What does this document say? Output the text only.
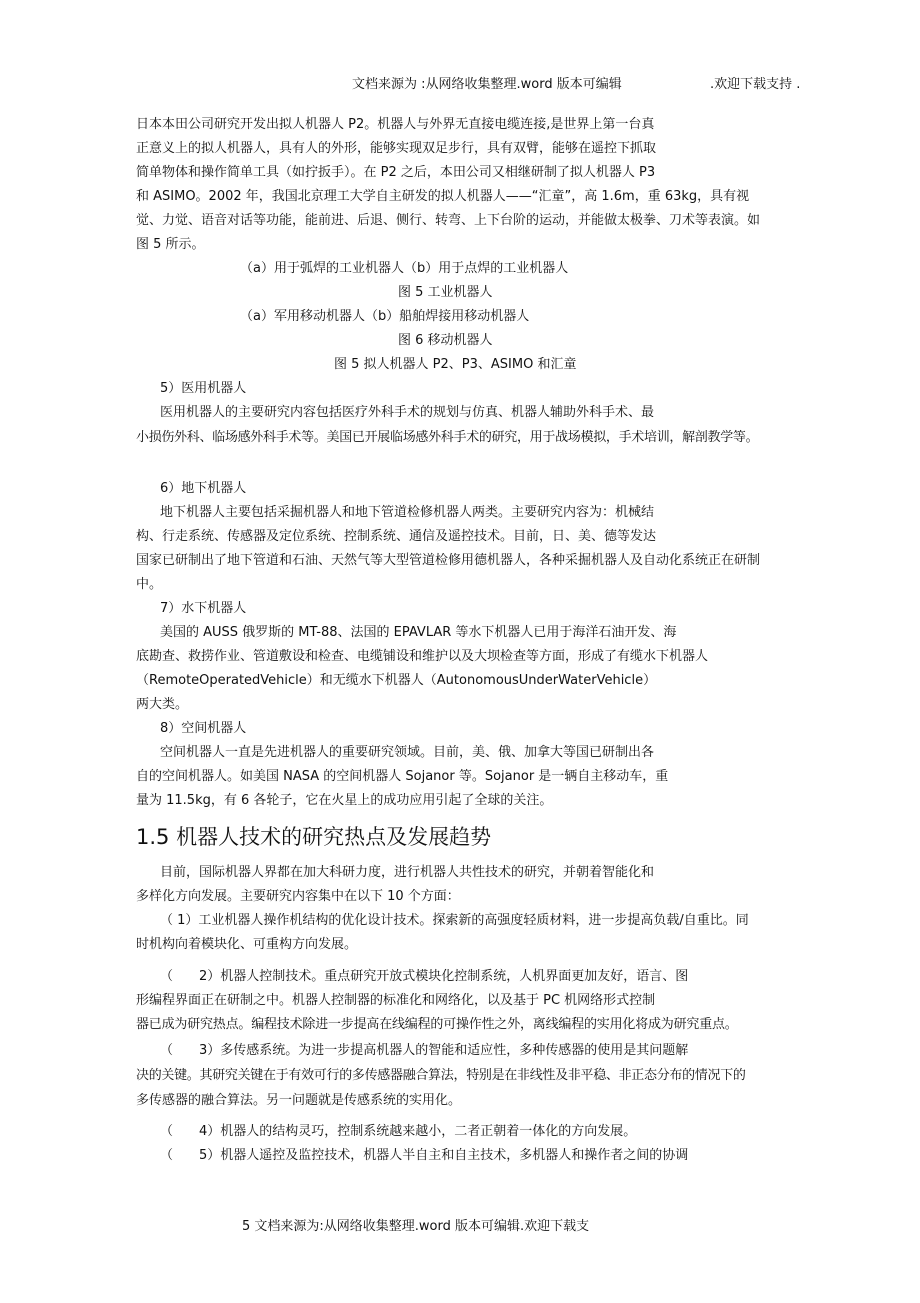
文档来源为 :从网络收集整理.word 版本可编辑	.欢迎下载支持 .
日本本田公司研究开发出拟人机器人 P2。机器人与外界无直接电缆连接,是世界上第一台真
正意义上的拟人机器人，具有人的外形，能够实现双足步行，具有双臂，能够在遥控下抓取
简单物体和操作简单工具（如拧扳手）。在 P2 之后，本田公司又相继研制了拟人机器人 P3
和 ASIMO。2002 年，我国北京理工大学自主研发的拟人机器人——“汇童”，高 1.6m，重 63kg，具有视
觉、力觉、语音对话等功能，能前进、后退、侧行、转弯、上下台阶的运动，并能做太极拳、刀术等表演。如
图 5 所示。
（a）用于弧焊的工业机器人（b）用于点焊的工业机器人
图 5 工业机器人
（a）军用移动机器人（b）船舶焊接用移动机器人
图 6 移动机器人
图 5 拟人机器人 P2、P3、ASIMO 和汇童
5）医用机器人
医用机器人的主要研究内容包括医疗外科手术的规划与仿真、机器人辅助外科手术、最
小损伤外科、临场感外科手术等。美国已开展临场感外科手术的研究，用于战场模拟，手术培训，解剖教学等。
6）地下机器人
地下机器人主要包括采掘机器人和地下管道检修机器人两类。主要研究内容为：机械结
构、行走系统、传感器及定位系统、控制系统、通信及遥控技术。目前，日、美、德等发达
国家已研制出了地下管道和石油、天然气等大型管道检修用德机器人，各种采掘机器人及自动化系统正在研制
中。
7）水下机器人
美国的 AUSS 俄罗斯的 MT-88、法国的 EPAVLAR 等水下机器人已用于海洋石油开发、海
底勘查、救捞作业、管道敷设和检查、电缆铺设和维护以及大坝检查等方面，形成了有缆水下机器人
（RemoteOperatedVehicle）和无缆水下机器人（AutonomousUnderWaterVehicle）
两大类。
8）空间机器人
空间机器人一直是先进机器人的重要研究领域。目前，美、俄、加拿大等国已研制出各
自的空间机器人。如美国 NASA 的空间机器人 Sojanor 等。Sojanor 是一辆自主移动车，重
量为 11.5kg，有 6 各轮子，它在火星上的成功应用引起了全球的关注。
1.5 机器人技术的研究热点及发展趋势
目前，国际机器人界都在加大科研力度，进行机器人共性技术的研究，并朝着智能化和
多样化方向发展。主要研究内容集中在以下 10 个方面：
（ 1）工业机器人操作机结构的优化设计技术。探索新的高强度轻质材料，进一步提高负载/自重比。同
时机构向着模块化、可重构方向发展。
（　　2）机器人控制技术。重点研究开放式模块化控制系统，人机界面更加友好，语言、图
形编程界面正在研制之中。机器人控制器的标准化和网络化，以及基于 PC 机网络形式控制
器已成为研究热点。编程技术除进一步提高在线编程的可操作性之外，离线编程的实用化将成为研究重点。
（　　3）多传感系统。为进一步提高机器人的智能和适应性，多种传感器的使用是其问题解
决的关键。其研究关键在于有效可行的多传感器融合算法，特别是在非线性及非平稳、非正态分布的情况下的
多传感器的融合算法。另一问题就是传感系统的实用化。
（　　4）机器人的结构灵巧，控制系统越来越小，二者正朝着一体化的方向发展。
（　　5）机器人遥控及监控技术，机器人半自主和自主技术，多机器人和操作者之间的协调
5 文档来源为:从网络收集整理.word 版本可编辑.欢迎下载支
